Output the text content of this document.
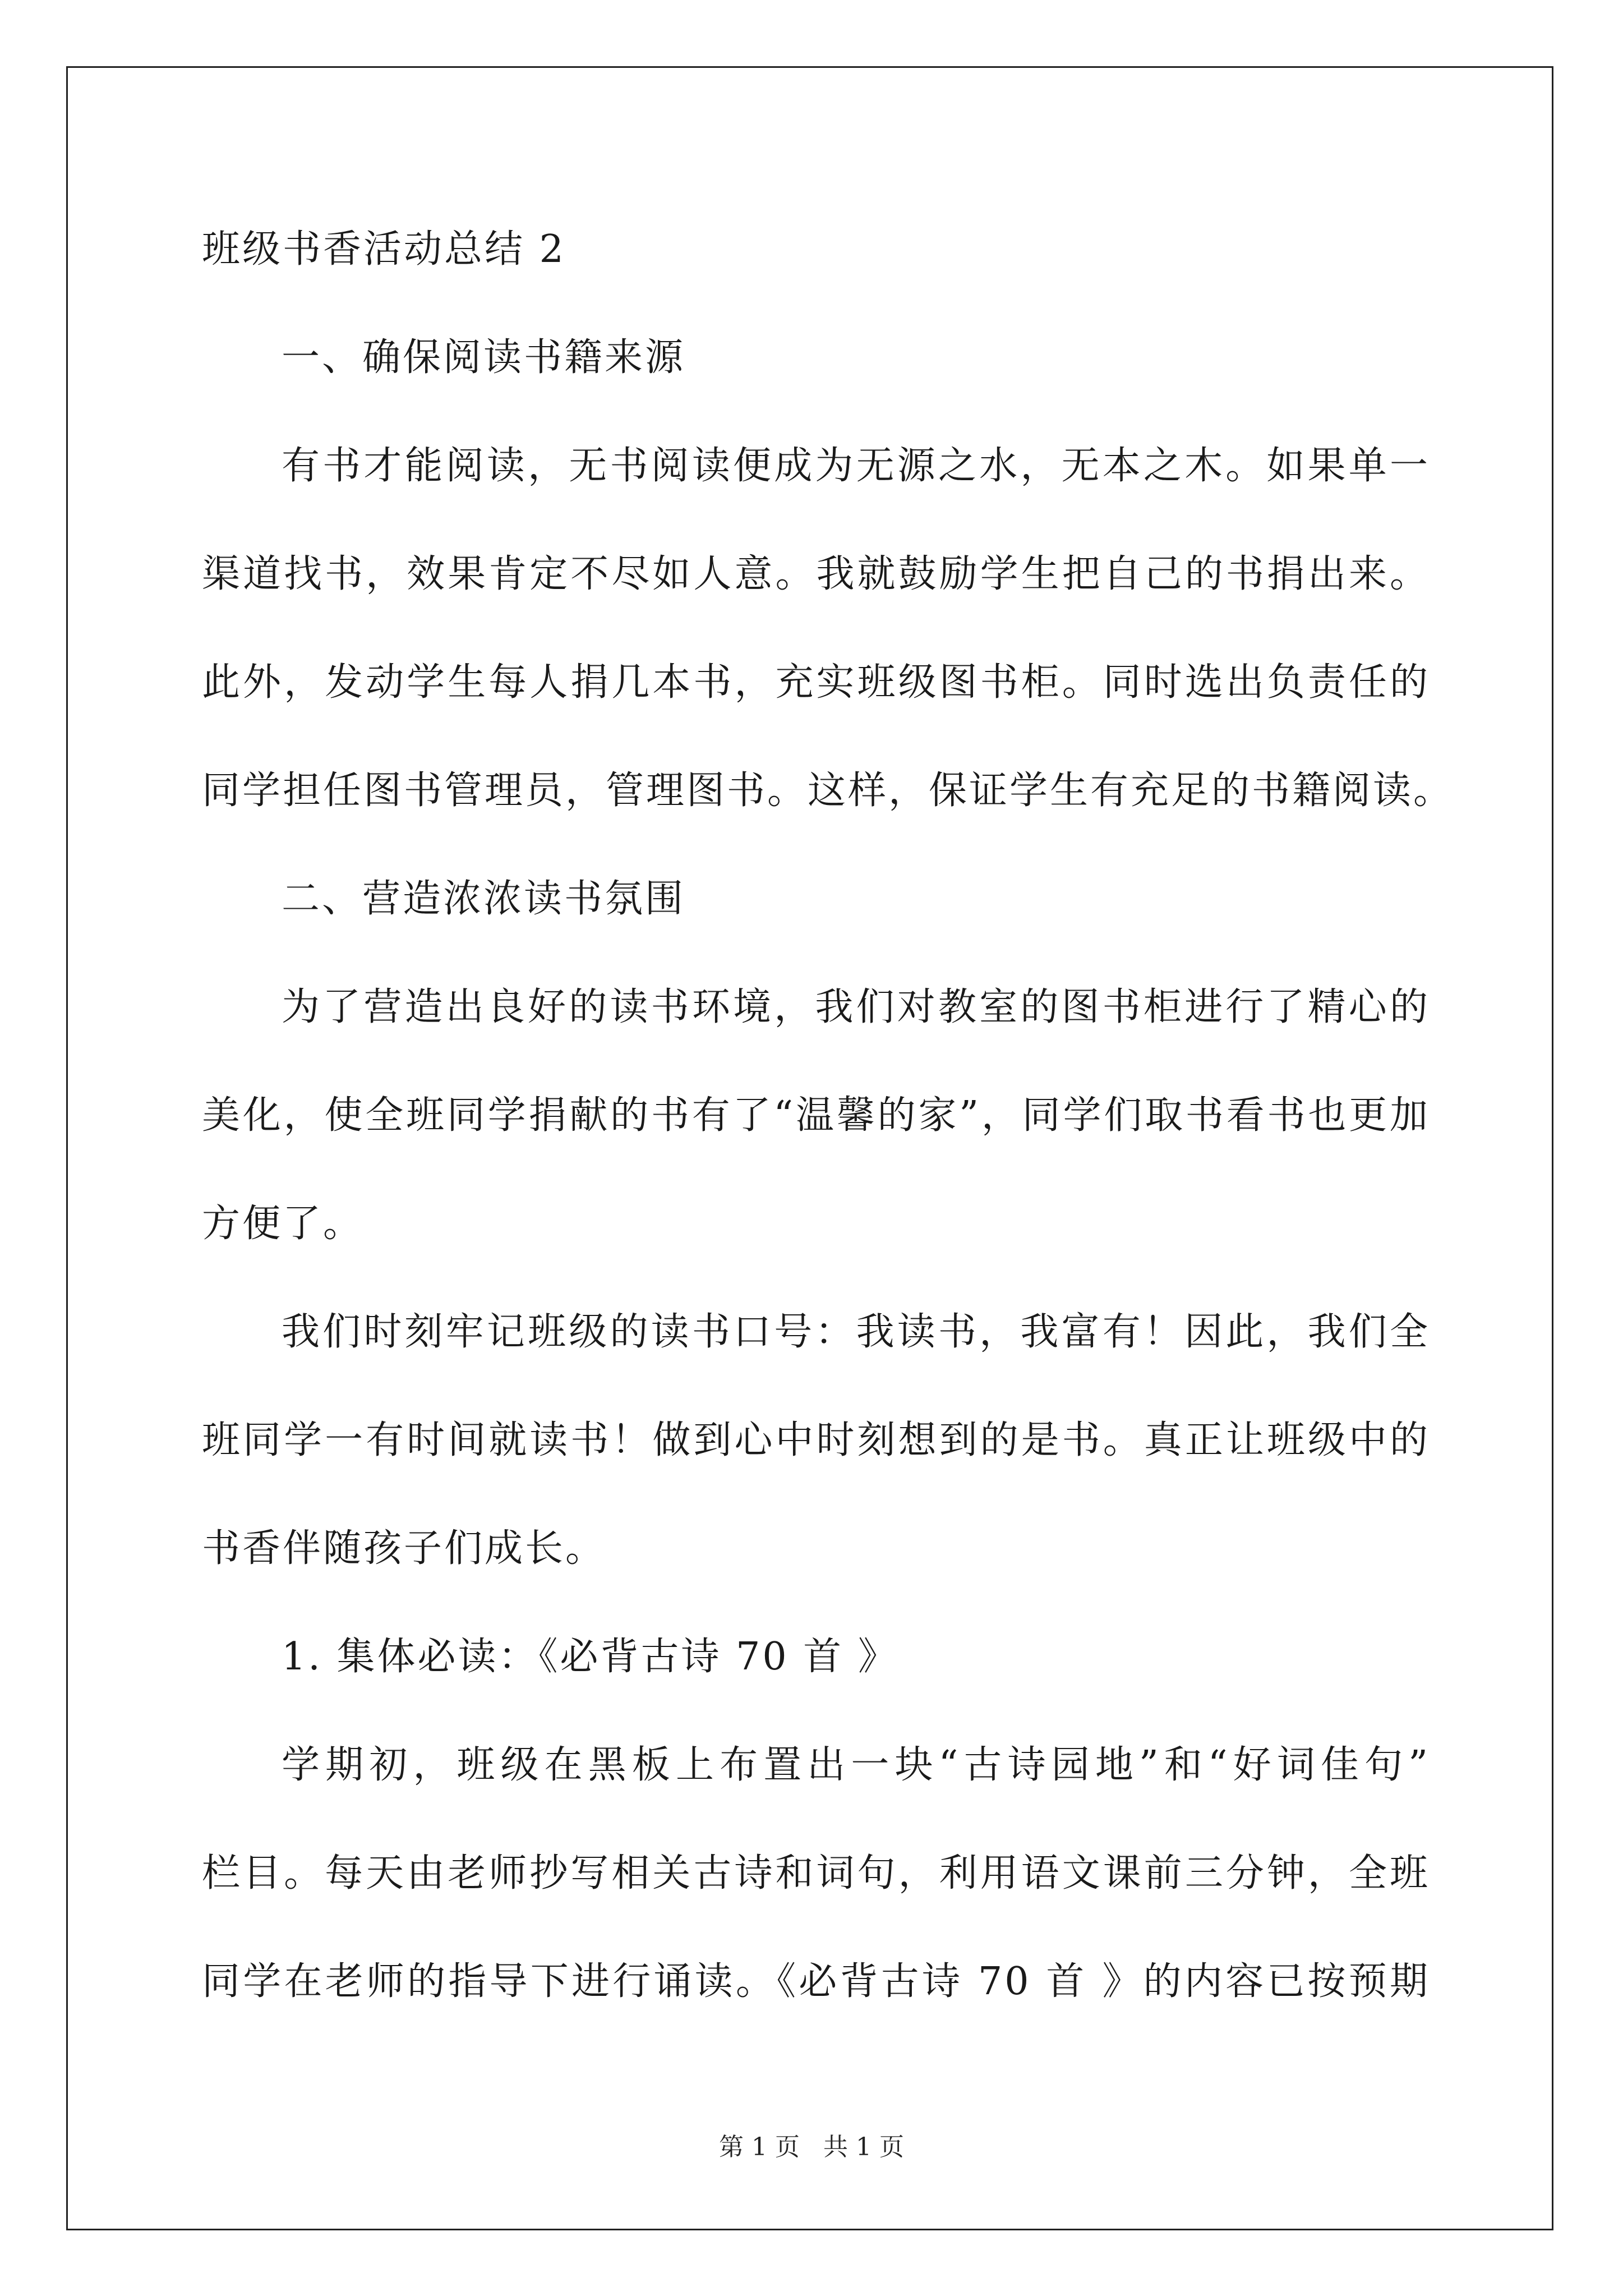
班级书香活动总结 2
一、确保阅读书籍来源
有书才能阅读，无书阅读便成为无源之水，无本之木。如果单一
渠道找书，效果肯定不尽如人意。我就鼓励学生把自己的书捐出来。
此外，发动学生每人捐几本书，充实班级图书柜。同时选出负责任的
同学担任图书管理员，管理图书。这样，保证学生有充足的书籍阅读。
二、营造浓浓读书氛围
为了营造出良好的读书环境，我们对教室的图书柜进行了精心的
美化，使全班同学捐献的书有了“温馨的家”，同学们取书看书也更加
方便了。
我们时刻牢记班级的读书口号：我读书，我富有！因此，我们全
班同学一有时间就读书！做到心中时刻想到的是书。真正让班级中的
书香伴随孩子们成长。
1. 集体必读：《必背古诗 70 首 》
学期初，班级在黑板上布置出一块“古诗园地”和“好词佳句”
栏目。每天由老师抄写相关古诗和词句，利用语文课前三分钟，全班
同学在老师的指导下进行诵读。《必背古诗 70 首 》的内容已按预期
第 1 页 共 1 页
